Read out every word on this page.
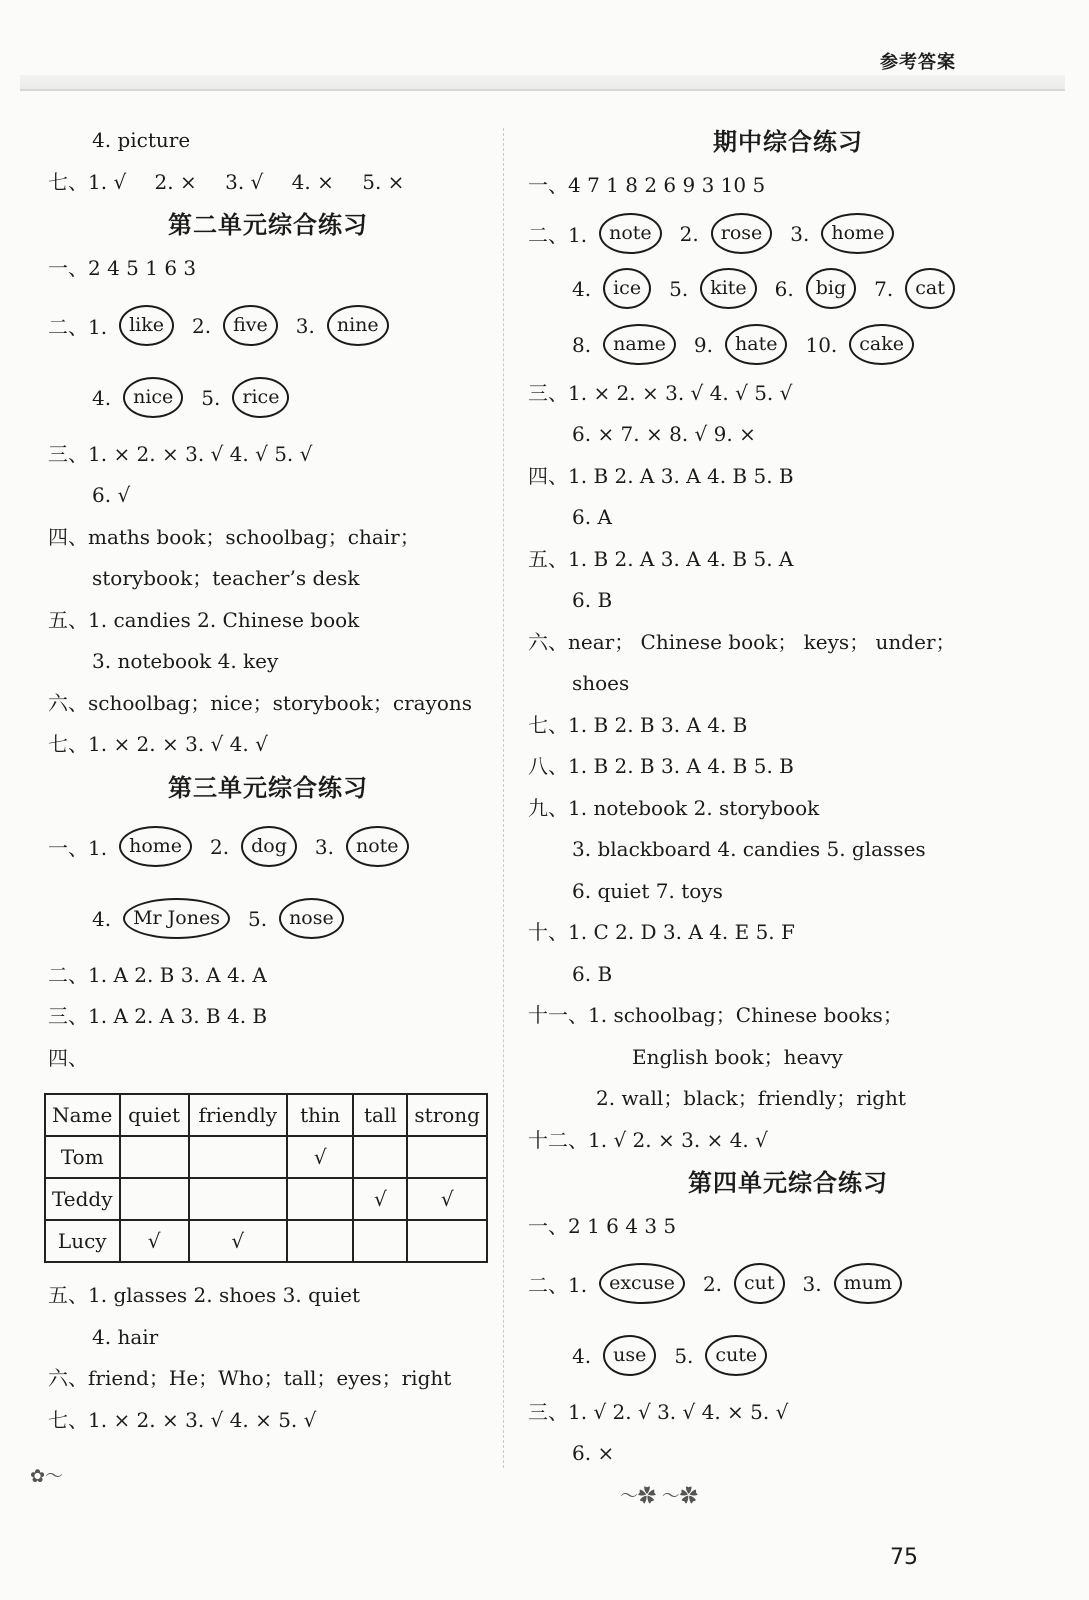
参考答案
4. picture
七、1. √ 2. × 3. √ 4. × 5. ×
第二单元综合练习
一、2 4 5 1 6 3
二、1.	like	2.	five	3.	nine
4.	nice	5.	rice
三、1. × 2. × 3. √ 4. √ 5. √
6. √
四、maths book；schoolbag；chair；
storybook；teacher’s desk
五、1. candies 2. Chinese book
3. notebook 4. key
六、schoolbag；nice；storybook；crayons
七、1. × 2. × 3. √ 4. √
第三单元综合练习
一、1.	home	2.	dog	3.	note
4.	Mr Jones	5.	nose
二、1. A 2. B 3. A 4. A
三、1. A 2. A 3. B 4. B
四、
Name	quiet	friendly	thin	tall	strong
Tom			√		
Teddy				√	√
Lucy	√	√			
五、1. glasses 2. shoes 3. quiet
4. hair
六、friend；He；Who；tall；eyes；right
七、1. × 2. × 3. √ 4. × 5. √
期中综合练习
一、4 7 1 8 2 6 9 3 10 5
二、1.	note	2.	rose	3.	home
4.	ice	5.	kite	6.	big	7.	cat
8.	name	9.	hate	10.	cake
三、1. × 2. × 3. √ 4. √ 5. √
6. × 7. × 8. √ 9. ×
四、1. B 2. A 3. A 4. B 5. B
6. A
五、1. B 2. A 3. A 4. B 5. A
6. B
六、near； Chinese book； keys； under；
shoes
七、1. B 2. B 3. A 4. B
八、1. B 2. B 3. A 4. B 5. B
九、1. notebook 2. storybook
3. blackboard 4. candies 5. glasses
6. quiet 7. toys
十、1. C 2. D 3. A 4. E 5. F
6. B
十一、1. schoolbag；Chinese books；
English book；heavy
2. wall；black；friendly；right
十二、1. √ 2. × 3. × 4. √
第四单元综合练习
一、2 1 6 4 3 5
二、1.	excuse	2.	cut	3.	mum
4.	use	5.	cute
三、1. √ 2. √ 3. √ 4. × 5. √
6. ×
✿〜
〜✿ 〜✿
75
